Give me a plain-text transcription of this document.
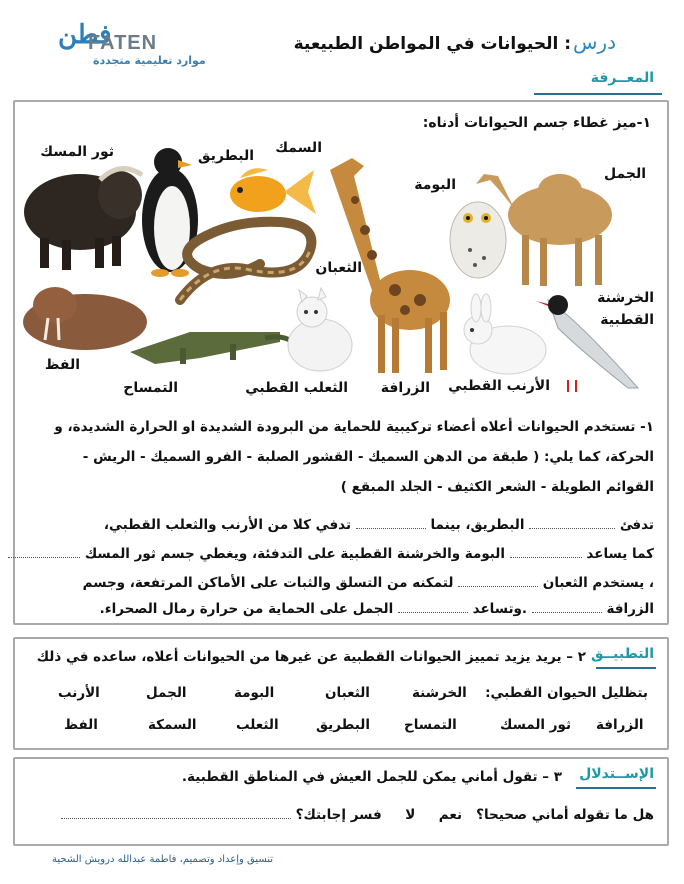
فطن
FATEN
موارد تعليمية متجددة
درس: الحيوانات في المواطن الطبيعية
المعــرفة
١-ميز غطاء جسم الحيوانات أدناه:
ثور المسك	البطريق السمك
الجمل
البومة
الثعبان
الخرشنة
القطبية
الفظ
التمساح	الثعلب القطبي الزرافة الأرنب القطبي
١- تستخدم الحيوانات أعلاه أعضاء تركيبية للحماية من البرودة الشديدة او الحرارة الشديدة، و
الحركة، كما يلي: ( طبقة من الدهن السميك - القشور الصلبة - الفرو السميك - الريش -
القوائم الطويلة - الشعر الكثيف - الجلد المبقع )
تدفئ  البطريق، بينما  تدفي كلا من الأرنب والثعلب القطبي،
كما يساعد  البومة والخرشنة القطبية على التدفئة، ويغطي جسم ثور المسك
، يستخدم الثعبان  لتمكنه من التسلق والثبات على الأماكن المرتفعة، وجسم
الزرافة  .وتساعد  الجمل على الحماية من حرارة رمال الصحراء.
التطبيــق
٢ – يريد يزيد تمييز الحيوانات القطبية عن غيرها من الحيوانات أعلاه، ساعده في ذلك
بتظليل الحيوان القطبي:
الخرشنة
الثعبان
البومة
الجمل
الأرنب
الزرافة
ثور المسك
التمساح
البطريق
الثعلب
السمكة
الفظ
الإســتدلال
٣ – تقول أماني يمكن للجمل العيش في المناطق القطبية.
هل ما تقوله أماني صحيحا؟   نعم     لا     فسر إجابتك؟
تنسيق وإعداد وتصميم، فاطمة عبدالله درويش الشحية
